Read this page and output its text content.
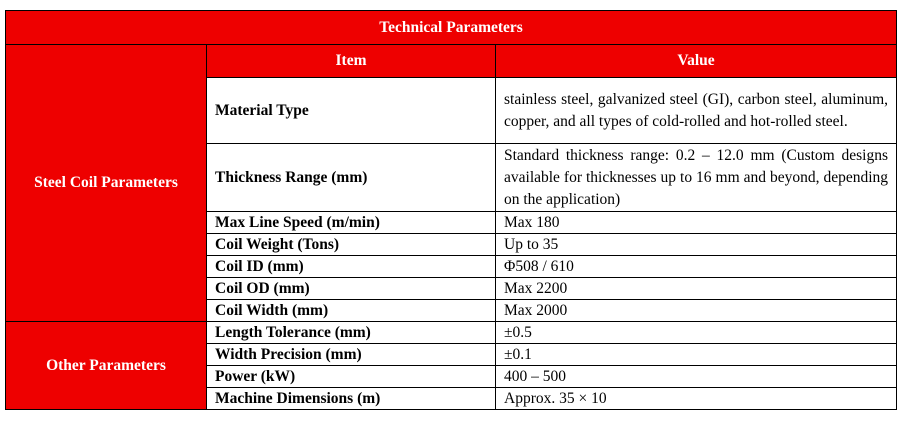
Technical Parameters		
Steel Coil Parameters	Item	Value
	Material Type	stainless steel, galvanized steel (GI), carbon steel, aluminum, copper, and all types of cold-rolled and hot-rolled steel.
	Thickness Range (mm)	Standard thickness range: 0.2 – 12.0 mm (Custom designs available for thicknesses up to 16 mm and beyond, depending on the application)
	Max Line Speed (m/min)	Max 180
	Coil Weight (Tons)	Up to 35
	Coil ID (mm)	Φ508 / 610
	Coil OD (mm)	Max 2200
	Coil Width (mm)	Max 2000
Other Parameters	Length Tolerance (mm)	±0.5
	Width Precision (mm)	±0.1
	Power (kW)	400 – 500
	Machine Dimensions (m)	Approx. 35 × 10
